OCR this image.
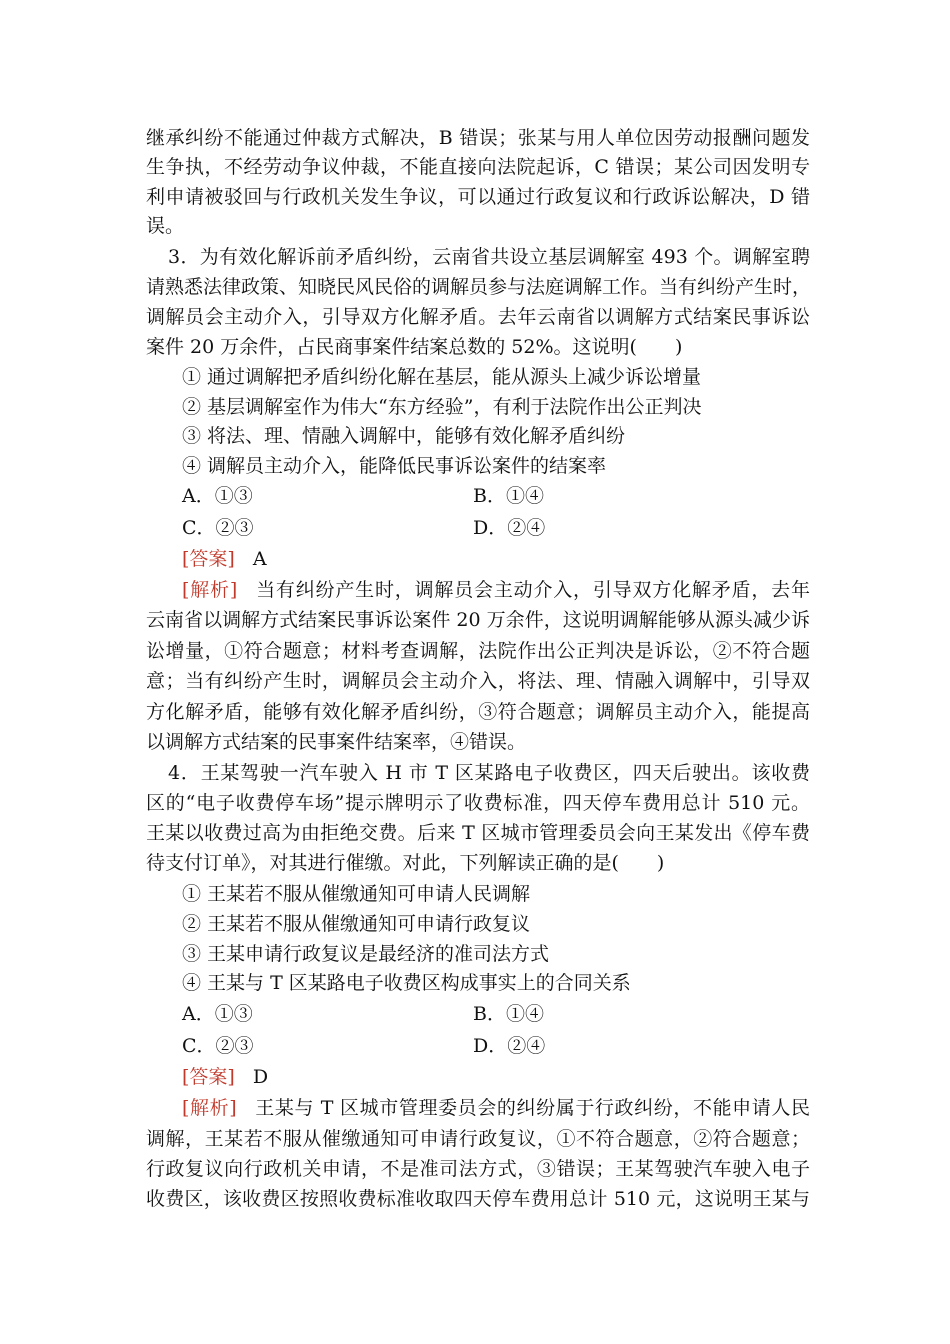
继承纠纷不能通过仲裁方式解决，B 错误；张某与用人单位因劳动报酬问题发
生争执，不经劳动争议仲裁，不能直接向法院起诉，C 错误；某公司因发明专
利申请被驳回与行政机关发生争议，可以通过行政复议和行政诉讼解决，D 错
误。
3．为有效化解诉前矛盾纠纷，云南省共设立基层调解室 493 个。调解室聘
请熟悉法律政策、知晓民风民俗的调解员参与法庭调解工作。当有纠纷产生时，
调解员会主动介入，引导双方化解矛盾。去年云南省以调解方式结案民事诉讼
案件 20 万余件，占民商事案件结案总数的 52%。这说明(　　)
① 通过调解把矛盾纠纷化解在基层，能从源头上减少诉讼增量
② 基层调解室作为伟大“东方经验”，有利于法院作出公正判决
③ 将法、理、情融入调解中，能够有效化解矛盾纠纷
④ 调解员主动介入，能降低民事诉讼案件的结案率
A．①③	B．①④
C．②③	D．②④
[答案] A
[解析] 当有纠纷产生时，调解员会主动介入，引导双方化解矛盾，去年
云南省以调解方式结案民事诉讼案件 20 万余件，这说明调解能够从源头减少诉
讼增量，①符合题意；材料考查调解，法院作出公正判决是诉讼，②不符合题
意；当有纠纷产生时，调解员会主动介入，将法、理、情融入调解中，引导双
方化解矛盾，能够有效化解矛盾纠纷，③符合题意；调解员主动介入，能提高
以调解方式结案的民事案件结案率，④错误。
4．王某驾驶一汽车驶入 H 市 T 区某路电子收费区，四天后驶出。该收费
区的“电子收费停车场”提示牌明示了收费标准，四天停车费用总计 510 元。
王某以收费过高为由拒绝交费。后来 T 区城市管理委员会向王某发出《停车费
待支付订单》，对其进行催缴。对此，下列解读正确的是(　　)
① 王某若不服从催缴通知可申请人民调解
② 王某若不服从催缴通知可申请行政复议
③ 王某申请行政复议是最经济的准司法方式
④ 王某与 T 区某路电子收费区构成事实上的合同关系
A．①③	B．①④
C．②③	D．②④
[答案] D
[解析] 王某与 T 区城市管理委员会的纠纷属于行政纠纷，不能申请人民
调解，王某若不服从催缴通知可申请行政复议，①不符合题意，②符合题意；
行政复议向行政机关申请，不是准司法方式，③错误；王某驾驶汽车驶入电子
收费区，该收费区按照收费标准收取四天停车费用总计 510 元，这说明王某与
